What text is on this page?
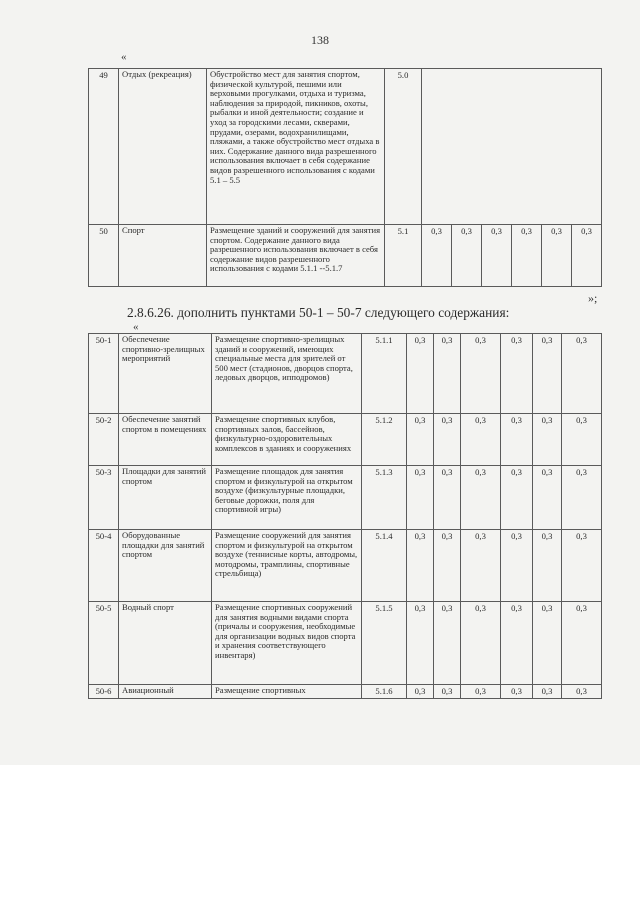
138
«
49	Отдых (рекреация)	Обустройство мест для занятия спортом, физической культурой, пешими или верховыми прогулками, отдыха и туризма, наблюдения за природой, пикников, охоты, рыбалки и иной деятельности; создание и уход за городскими лесами, скверами, прудами, озерами, водохранилищами, пляжами, а также обустройство мест отдыха в них. Содержание данного вида разрешенного использования включает в себя содержание видов разрешенного использования с кодами 5.1 – 5.5	5.0						
50	Спорт	Размещение зданий и сооружений для занятия спортом. Содержание данного вида разрешенного использования включает в себя содержание видов разрешенного использования с кодами 5.1.1 --5.1.7	5.1	0,3	0,3	0,3	0,3	0,3	0,3
»;
2.8.6.26. дополнить пунктами 50-1 – 50-7 следующего содержания:
«
50-1	Обеспечение спортивно-зрелищных мероприятий	Размещение спортивно-зрелищных зданий и сооружений, имеющих специальные места для зрителей от 500 мест (стадионов, дворцов спорта, ледовых дворцов, ипподромов)	5.1.1	0,3	0,3	0,3	0,3	0,3	0,3
50-2	Обеспечение занятий спортом в помещениях	Размещение спортивных клубов, спортивных залов, бассейнов, физкультурно-оздоровительных комплексов в зданиях и сооружениях	5.1.2	0,3	0,3	0,3	0,3	0,3	0,3
50-3	Площадки для занятий спортом	Размещение площадок для занятия спортом и физкультурой на открытом воздухе (физкультурные площадки, беговые дорожки, поля для спортивной игры)	5.1.3	0,3	0,3	0,3	0,3	0,3	0,3
50-4	Оборудованные площадки для занятий спортом	Размещение сооружений для занятия спортом и физкультурой на открытом воздухе (теннисные корты, автодромы, мотодромы, трамплины, спортивные стрельбища)	5.1.4	0,3	0,3	0,3	0,3	0,3	0,3
50-5	Водный спорт	Размещение спортивных сооружений для занятия водными видами спорта (причалы и сооружения, необходимые для организации водных видов спорта и хранения соответствующего инвентаря)	5.1.5	0,3	0,3	0,3	0,3	0,3	0,3
50-6	Авиационный	Размещение спортивных	5.1.6	0,3	0,3	0,3	0,3	0,3	0,3
